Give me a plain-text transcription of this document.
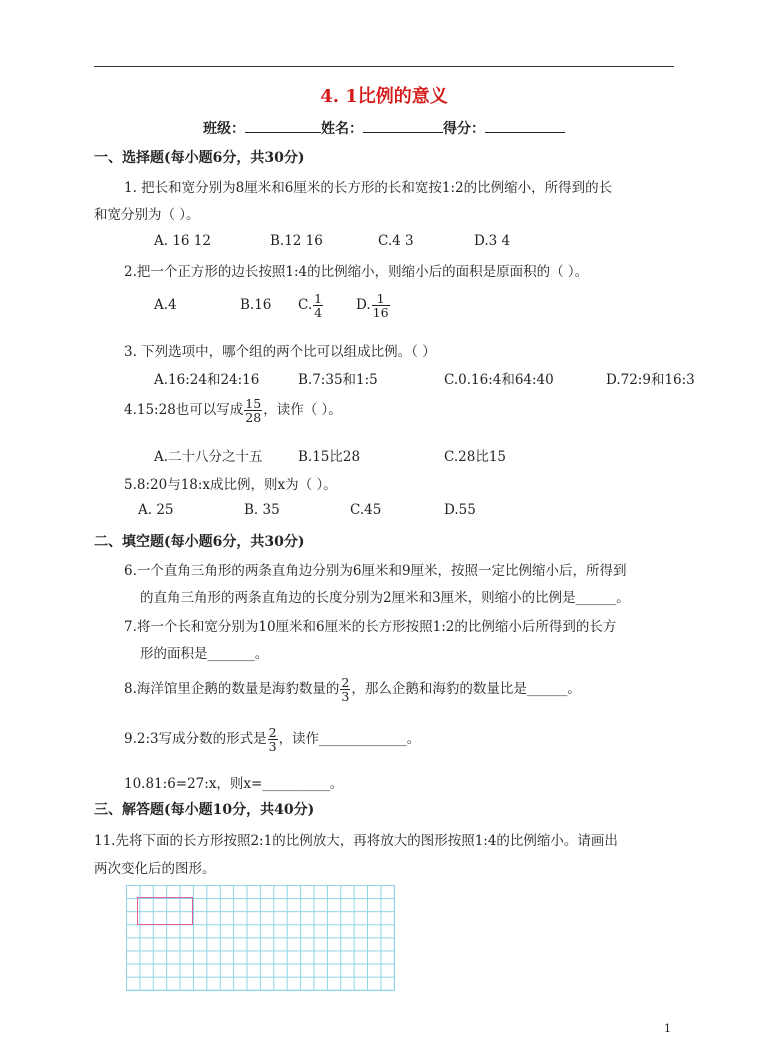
4. 1比例的意义
班级：	姓名：	得分：
一、选择题(每小题6分，共30分)
1. 把长和宽分别为8厘米和6厘米的长方形的长和宽按1:2的比例缩小，所得到的长
和宽分别为（ ）。
A. 16 12	B.12 16	C.4 3	D.3 4
2.把一个正方形的边长按照1:4的比例缩小，则缩小后的面积是原面积的（ ）。
A.4	B.16 C. $\frac{1}{4} D$. $\frac{1}{16}$
3. 下列选项中，哪个组的两个比可以组成比例。（ ）
A.16:24和24:16	B.7:35和1:5	C.0.16:4和64:40	D.72:9和16:3
4.15:28也可以写成 $\frac{15}{28}$ ，读作（ ）。
A.二十八分之十五	B.15比28	C.28比15
5.8:20与18:x成比例，则x为（ ）。
A. 25	B. 35	C.45	D.55
二、填空题(每小题6分，共30分)
6.一个直角三角形的两条直角边分别为6厘米和9厘米，按照一定比例缩小后，所得到
的直角三角形的两条直角边的长度分别为2厘米和3厘米，则缩小的比例是______。
7.将一个长和宽分别为10厘米和6厘米的长方形按照1:2的比例缩小后所得到的长方
形的面积是_______。
8.海洋馆里企鹅的数量是海豹数量的 $\frac{2}{3}$ ，那么企鹅和海豹的数量比是______。
9.2:3写成分数的形式是 $\frac{2}{3}$ ，读作_____________。
10.81:6=27:x，则x=__________。
三、解答题(每小题10分，共40分)
11.先将下面的长方形按照2:1的比例放大，再将放大的图形按照1:4的比例缩小。请画出
两次变化后的图形。
1
